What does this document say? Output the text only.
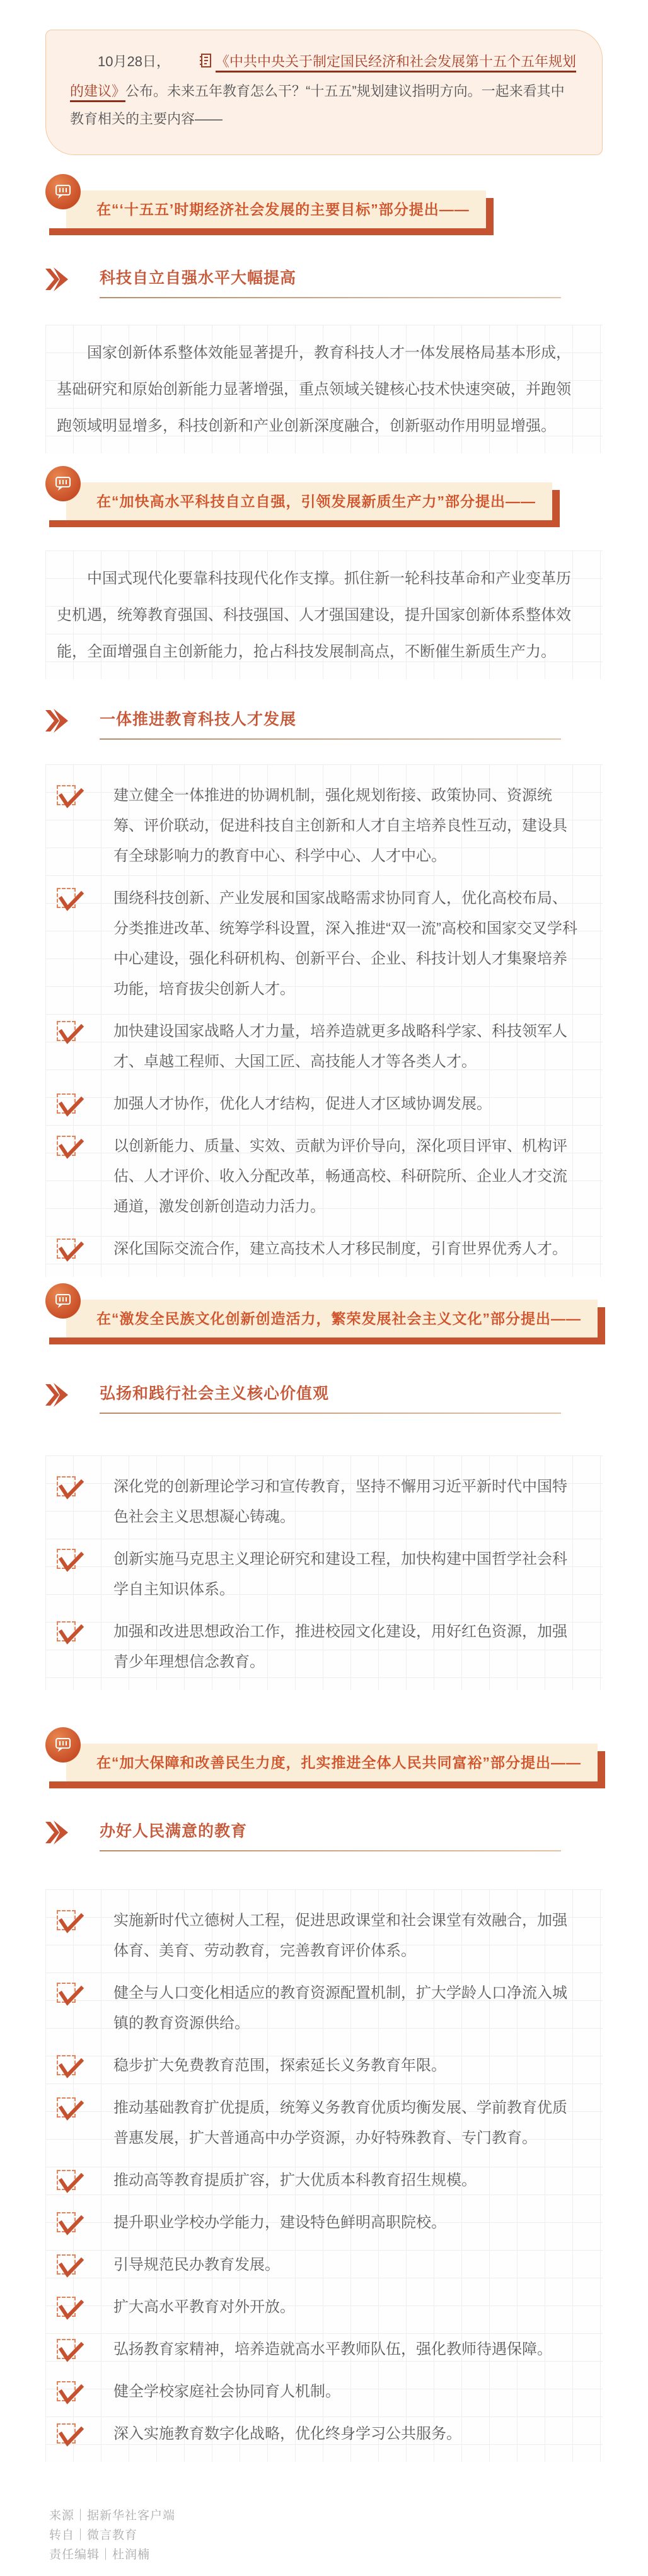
10月28日，	《中共中央关于制定国民经济和社会发展第十五个五年规划的建议》公布。未来五年教育怎么干？“十五五”规划建议指明方向。一起来看其中教育相关的主要内容——

在“‘十五五’时期经济社会发展的主要目标”部分提出——
科技自立自强水平大幅提高

国家创新体系整体效能显著提升，教育科技人才一体发展格局基本形成，基础研究和原始创新能力显著增强，重点领域关键核心技术快速突破，并跑领跑领域明显增多，科技创新和产业创新深度融合，创新驱动作用明显增强。

在“加快高水平科技自立自强，引领发展新质生产力”部分提出——

中国式现代化要靠科技现代化作支撑。抓住新一轮科技革命和产业变革历史机遇，统筹教育强国、科技强国、人才强国建设，提升国家创新体系整体效能，全面增强自主创新能力，抢占科技发展制高点，不断催生新质生产力。

一体推进教育科技人才发展

建立健全一体推进的协调机制，强化规划衔接、政策协同、资源统筹、评价联动，促进科技自主创新和人才自主培养良性互动，建设具有全球影响力的教育中心、科学中心、人才中心。

围绕科技创新、产业发展和国家战略需求协同育人，优化高校布局、分类推进改革、统筹学科设置，深入推进“双一流”高校和国家交叉学科中心建设，强化科研机构、创新平台、企业、科技计划人才集聚培养功能，培育拔尖创新人才。

加快建设国家战略人才力量，培养造就更多战略科学家、科技领军人才、卓越工程师、大国工匠、高技能人才等各类人才。

加强人才协作，优化人才结构，促进人才区域协调发展。

以创新能力、质量、实效、贡献为评价导向，深化项目评审、机构评估、人才评价、收入分配改革，畅通高校、科研院所、企业人才交流通道，激发创新创造动力活力。

深化国际交流合作，建立高技术人才移民制度，引育世界优秀人才。

在“激发全民族文化创新创造活力，繁荣发展社会主义文化”部分提出——
弘扬和践行社会主义核心价值观

深化党的创新理论学习和宣传教育，坚持不懈用习近平新时代中国特色社会主义思想凝心铸魂。

创新实施马克思主义理论研究和建设工程，加快构建中国哲学社会科学自主知识体系。

加强和改进思想政治工作，推进校园文化建设，用好红色资源，加强青少年理想信念教育。

在“加大保障和改善民生力度，扎实推进全体人民共同富裕”部分提出——
办好人民满意的教育

实施新时代立德树人工程，促进思政课堂和社会课堂有效融合，加强体育、美育、劳动教育，完善教育评价体系。

健全与人口变化相适应的教育资源配置机制，扩大学龄人口净流入城镇的教育资源供给。

稳步扩大免费教育范围，探索延长义务教育年限。

推动基础教育扩优提质，统筹义务教育优质均衡发展、学前教育优质普惠发展，扩大普通高中办学资源，办好特殊教育、专门教育。

推动高等教育提质扩容，扩大优质本科教育招生规模。

提升职业学校办学能力，建设特色鲜明高职院校。

引导规范民办教育发展。

扩大高水平教育对外开放。

弘扬教育家精神，培养造就高水平教师队伍，强化教师待遇保障。

健全学校家庭社会协同育人机制。

深入实施教育数字化战略，优化终身学习公共服务。

来源｜据新华社客户端

转自｜微言教育

责任编辑｜杜润楠
